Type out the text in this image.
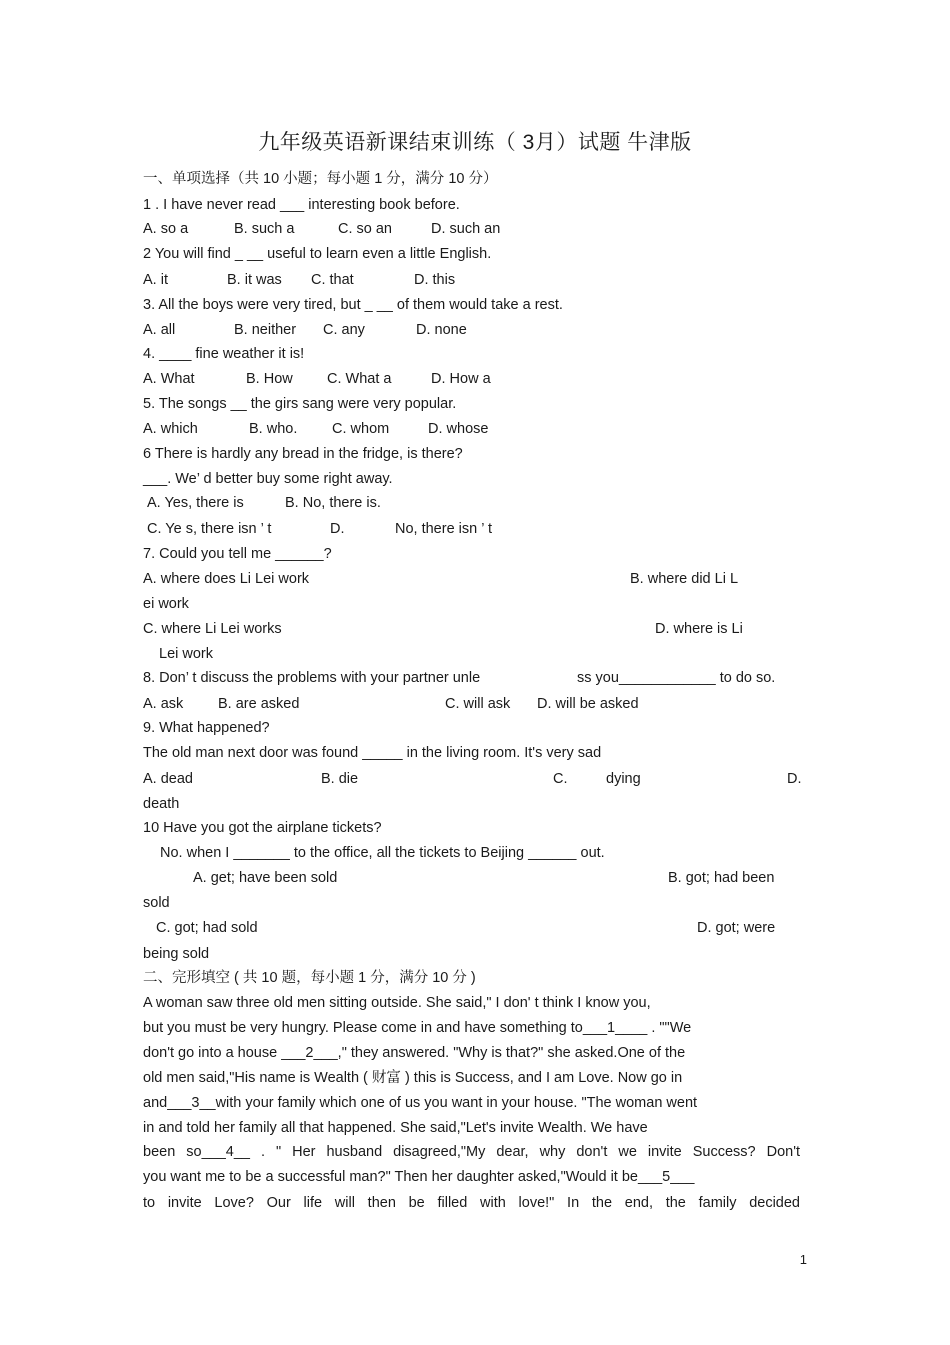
九年级英语新课结束训练（ 3月）试题 牛津版
一、单项选择（共 10 小题；每小题 1 分，满分 10 分）
1 . I have never read ___ interesting book before.
A. so a	B. such a	C. so an	D. such an
2 You will find _ __ useful to learn even a little English.
A. it	B. it was C. that	D. this
3. All the boys were very tired, but _ __ of them would take a rest.
A. all	B. neither C. any	D. none
4. ____ fine weather it is!
A. What	B. How C. What a	D. How a
5. The songs __ the girs sang were very popular.
A. which	B. who. C. whom	D. whose
6 There is hardly any bread in the fridge, is there?
___. We’ d better buy some right away.
A. Yes, there is	B. No, there is.
C. Ye s, there isn ’ t	D.	No, there isn ’ t
7. Could you tell me ______?
A. where does Li Lei work	B. where did Li L
ei work
C. where Li Lei works	D. where is Li
Lei work
8. Don’ t discuss the problems with your partner unle	ss you____________ to do so.
A. ask B. are asked	C. will ask D. will be asked
9. What happened?
The old man next door was found _____ in the living room. It's very sad
A. dead	B. die	C.	dying	D.
death
10 Have you got the airplane tickets?
No. when I _______ to the office, all the tickets to Beijing ______ out.
A. get; have been sold	B. got; had been
sold
C. got; had sold	D. got; were
being sold
二、完形填空 ( 共 10 题，每小题 1 分，满分 10 分 )
A woman saw three old men sitting outside. She said," I don' t think I know you,
but you must be very hungry. Please come in and have something to___1____ . ""We
don't go into a house ___2___," they answered. "Why is that?" she asked.One of the
old men said,"His name is Wealth ( 财富 ) this is Success, and I am Love. Now go in
and___3__with your family which one of us you want in your house. "The woman went
in and told her family all that happened. She said,"Let's invite Wealth. We have
been so___4__ . " Her husband disagreed,"My dear, why don't we invite Success? Don't
you want me to be a successful man?" Then her daughter asked,"Would it be___5___
to invite Love? Our life will then be filled with love!" In the end, the family decided
1
